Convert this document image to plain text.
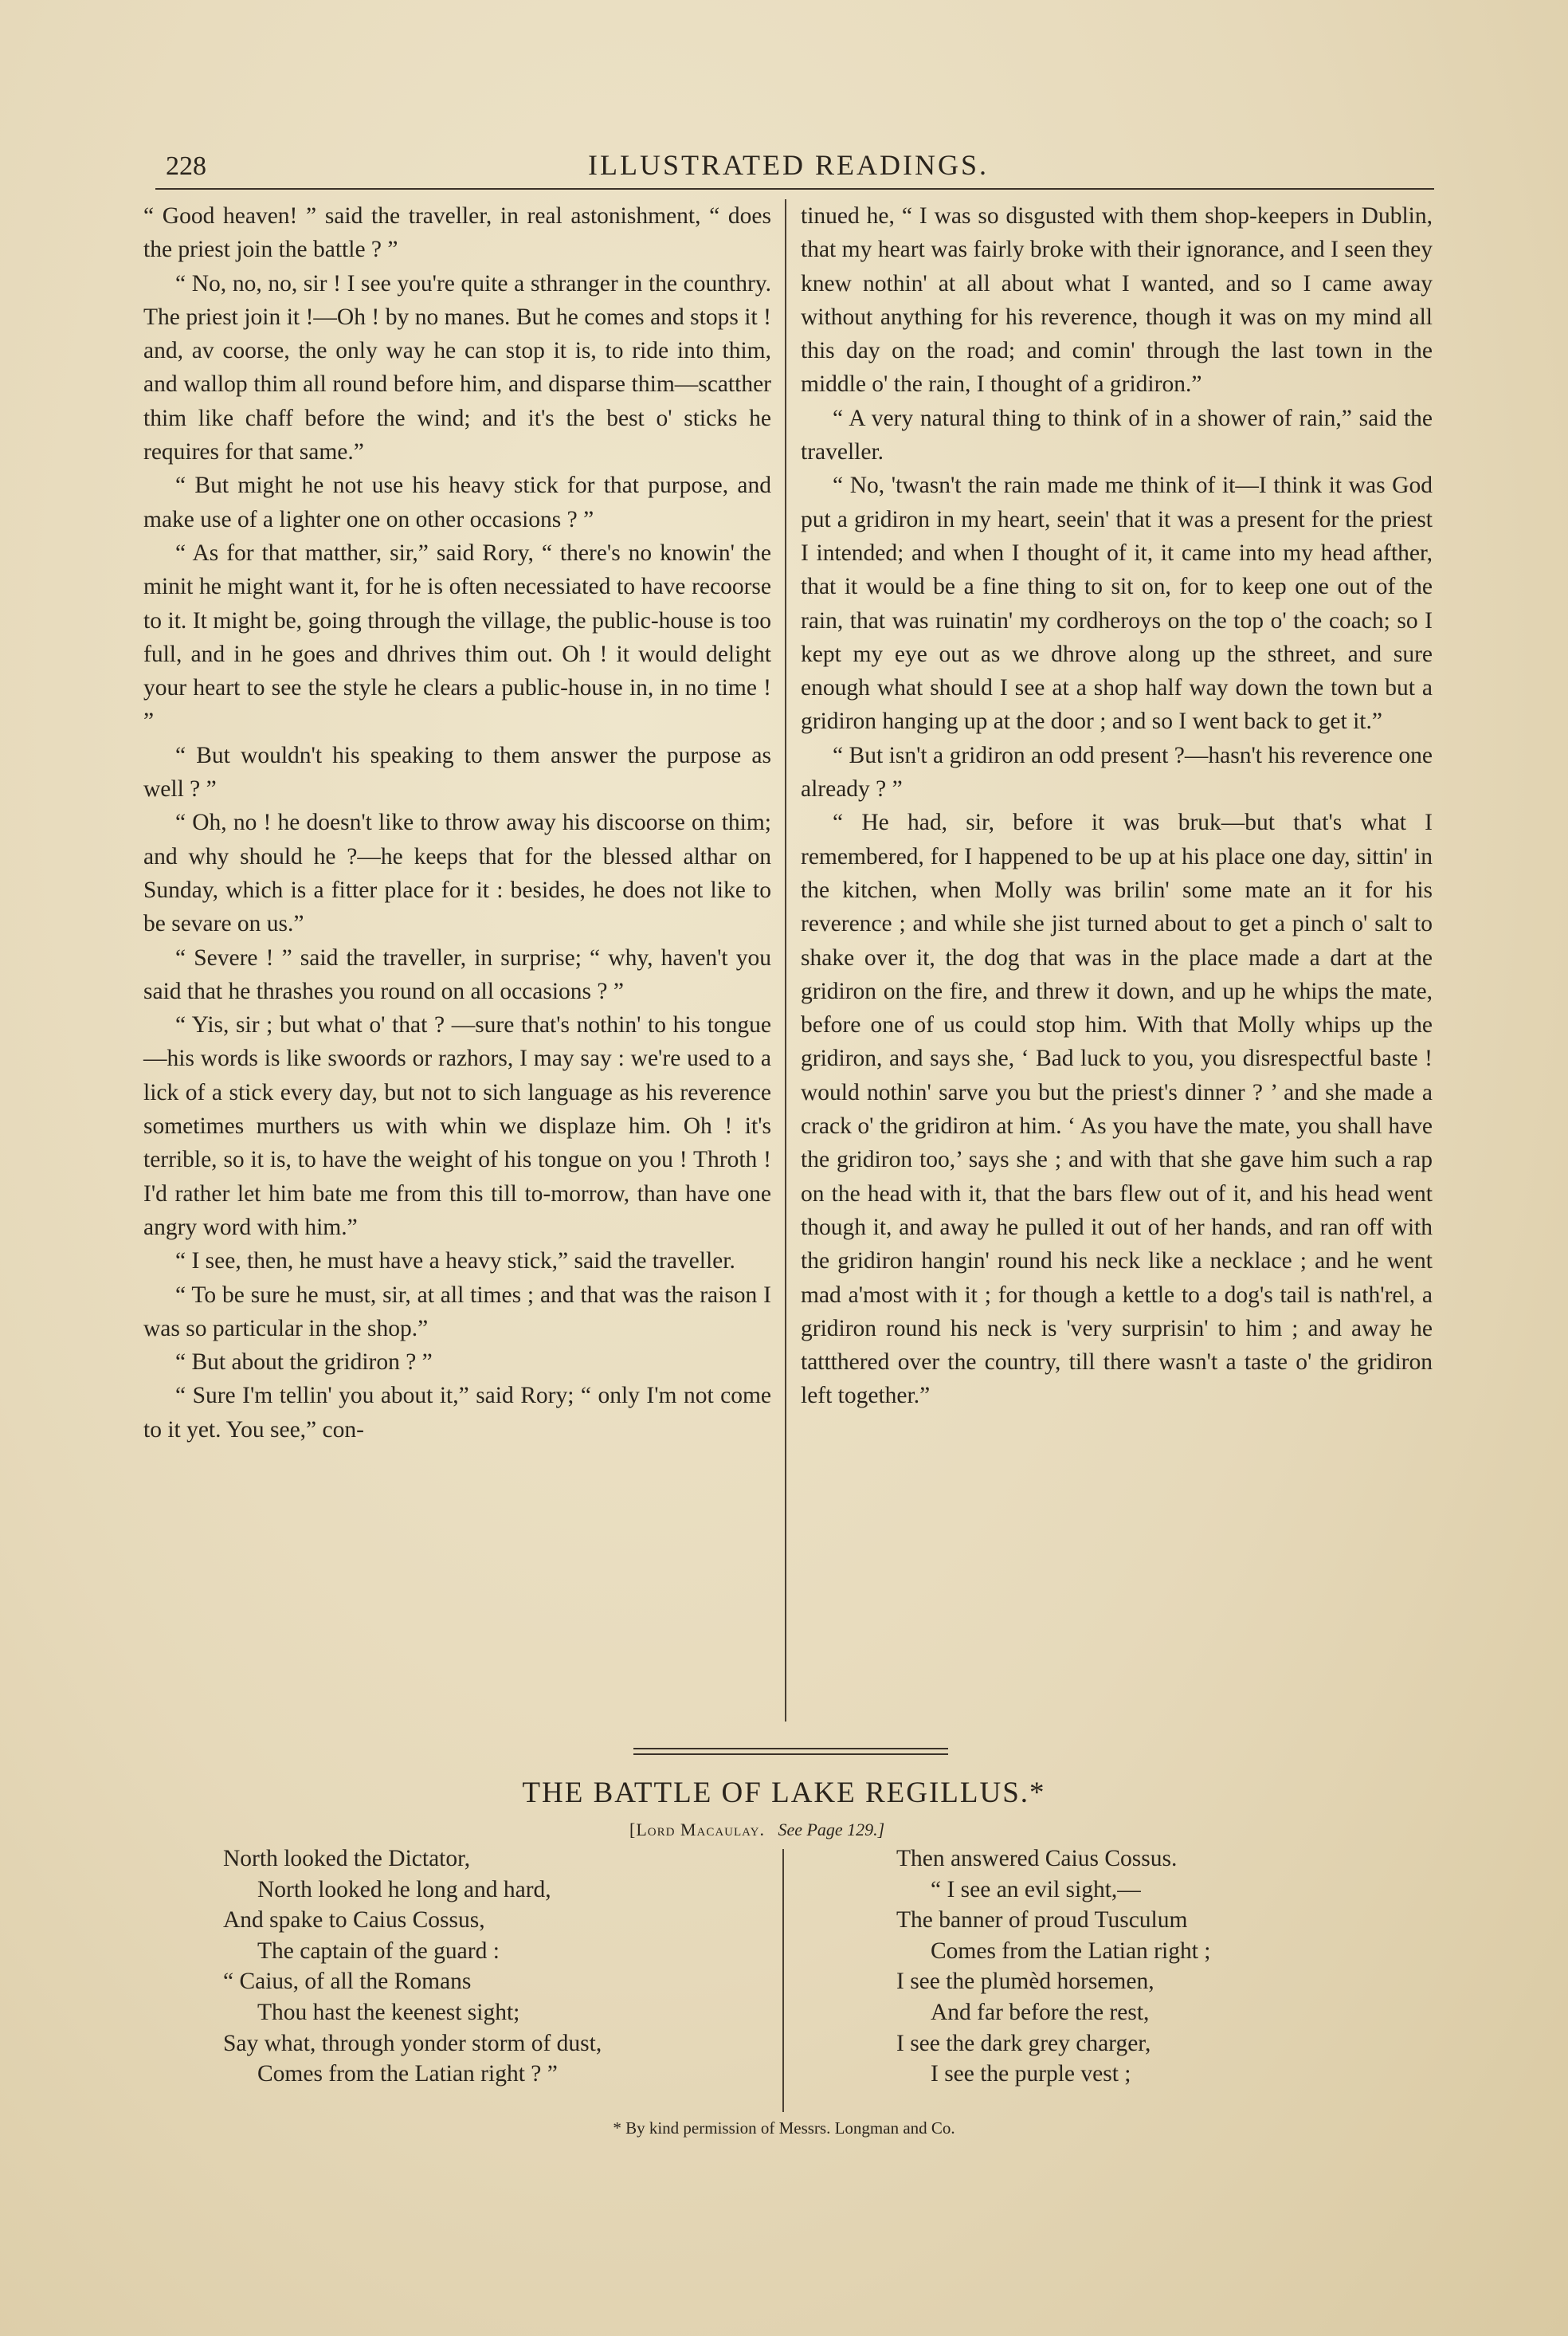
228	ILLUSTRATED READINGS.

“ Good heaven! ” said the traveller, in real astonishment, “ does the priest join the battle ? ”

“ No, no, no, sir ! I see you're quite a sthranger in the counthry. The priest join it !—Oh ! by no manes. But he comes and stops it ! and, av coorse, the only way he can stop it is, to ride into thim, and wallop thim all round before him, and disparse thim—scatther thim like chaff before the wind; and it's the best o' sticks he requires for that same.”

“ But might he not use his heavy stick for that purpose, and make use of a lighter one on other occasions ? ”

“ As for that matther, sir,” said Rory, “ there's no knowin' the minit he might want it, for he is often necessiated to have recoorse to it. It might be, going through the village, the public-house is too full, and in he goes and dhrives thim out. Oh ! it would delight your heart to see the style he clears a public-house in, in no time ! ”

“ But wouldn't his speaking to them answer the purpose as well ? ”

“ Oh, no ! he doesn't like to throw away his discoorse on thim; and why should he ?—he keeps that for the blessed althar on Sunday, which is a fitter place for it : besides, he does not like to be sevare on us.”

“ Severe ! ” said the traveller, in surprise; “ why, haven't you said that he thrashes you round on all occasions ? ”

“ Yis, sir ; but what o' that ? —sure that's nothin' to his tongue—his words is like swoords or razhors, I may say : we're used to a lick of a stick every day, but not to sich language as his reverence sometimes murthers us with whin we displaze him. Oh ! it's terrible, so it is, to have the weight of his tongue on you ! Throth ! I'd rather let him bate me from this till to-morrow, than have one angry word with him.”

“ I see, then, he must have a heavy stick,” said the traveller.

“ To be sure he must, sir, at all times ; and that was the raison I was so particular in the shop.”

“ But about the gridiron ? ”

“ Sure I'm tellin' you about it,” said Rory; “ only I'm not come to it yet. You see,” con-

tinued he, “ I was so disgusted with them shop-keepers in Dublin, that my heart was fairly broke with their ignorance, and I seen they knew nothin' at all about what I wanted, and so I came away without anything for his reverence, though it was on my mind all this day on the road; and comin' through the last town in the middle o' the rain, I thought of a gridiron.”

“ A very natural thing to think of in a shower of rain,” said the traveller.

“ No, 'twasn't the rain made me think of it—I think it was God put a gridiron in my heart, seein' that it was a present for the priest I intended; and when I thought of it, it came into my head afther, that it would be a fine thing to sit on, for to keep one out of the rain, that was ruinatin' my cordheroys on the top o' the coach; so I kept my eye out as we dhrove along up the sthreet, and sure enough what should I see at a shop half way down the town but a gridiron hanging up at the door ; and so I went back to get it.”

“ But isn't a gridiron an odd present ?—hasn't his reverence one already ? ”

“ He had, sir, before it was bruk—but that's what I remembered, for I happened to be up at his place one day, sittin' in the kitchen, when Molly was brilin' some mate an it for his reverence ; and while she jist turned about to get a pinch o' salt to shake over it, the dog that was in the place made a dart at the gridiron on the fire, and threw it down, and up he whips the mate, before one of us could stop him. With that Molly whips up the gridiron, and says she, ‘ Bad luck to you, you disrespectful baste ! would nothin' sarve you but the priest's dinner ? ’ and she made a crack o' the gridiron at him. ‘ As you have the mate, you shall have the gridiron too,’ says she ; and with that she gave him such a rap on the head with it, that the bars flew out of it, and his head went though it, and away he pulled it out of her hands, and ran off with the gridiron hangin' round his neck like a necklace ; and he went mad a'most with it ; for though a kettle to a dog's tail is nath'rel, a gridiron round his neck is 'very surprisin' to him ; and away he tattthered over the country, till there wasn't a taste o' the gridiron left together.”

THE BATTLE OF LAKE REGILLUS.*
[Lord Macaulay. See Page 129.]
North looked the Dictator,
North looked he long and hard,
And spake to Caius Cossus,
The captain of the guard :
“ Caius, of all the Romans
Thou hast the keenest sight;
Say what, through yonder storm of dust,
Comes from the Latian right ? ”
Then answered Caius Cossus.
“ I see an evil sight,—
The banner of proud Tusculum
Comes from the Latian right ;
I see the plumèd horsemen,
And far before the rest,
I see the dark grey charger,
I see the purple vest ;
* By kind permission of Messrs. Longman and Co.
